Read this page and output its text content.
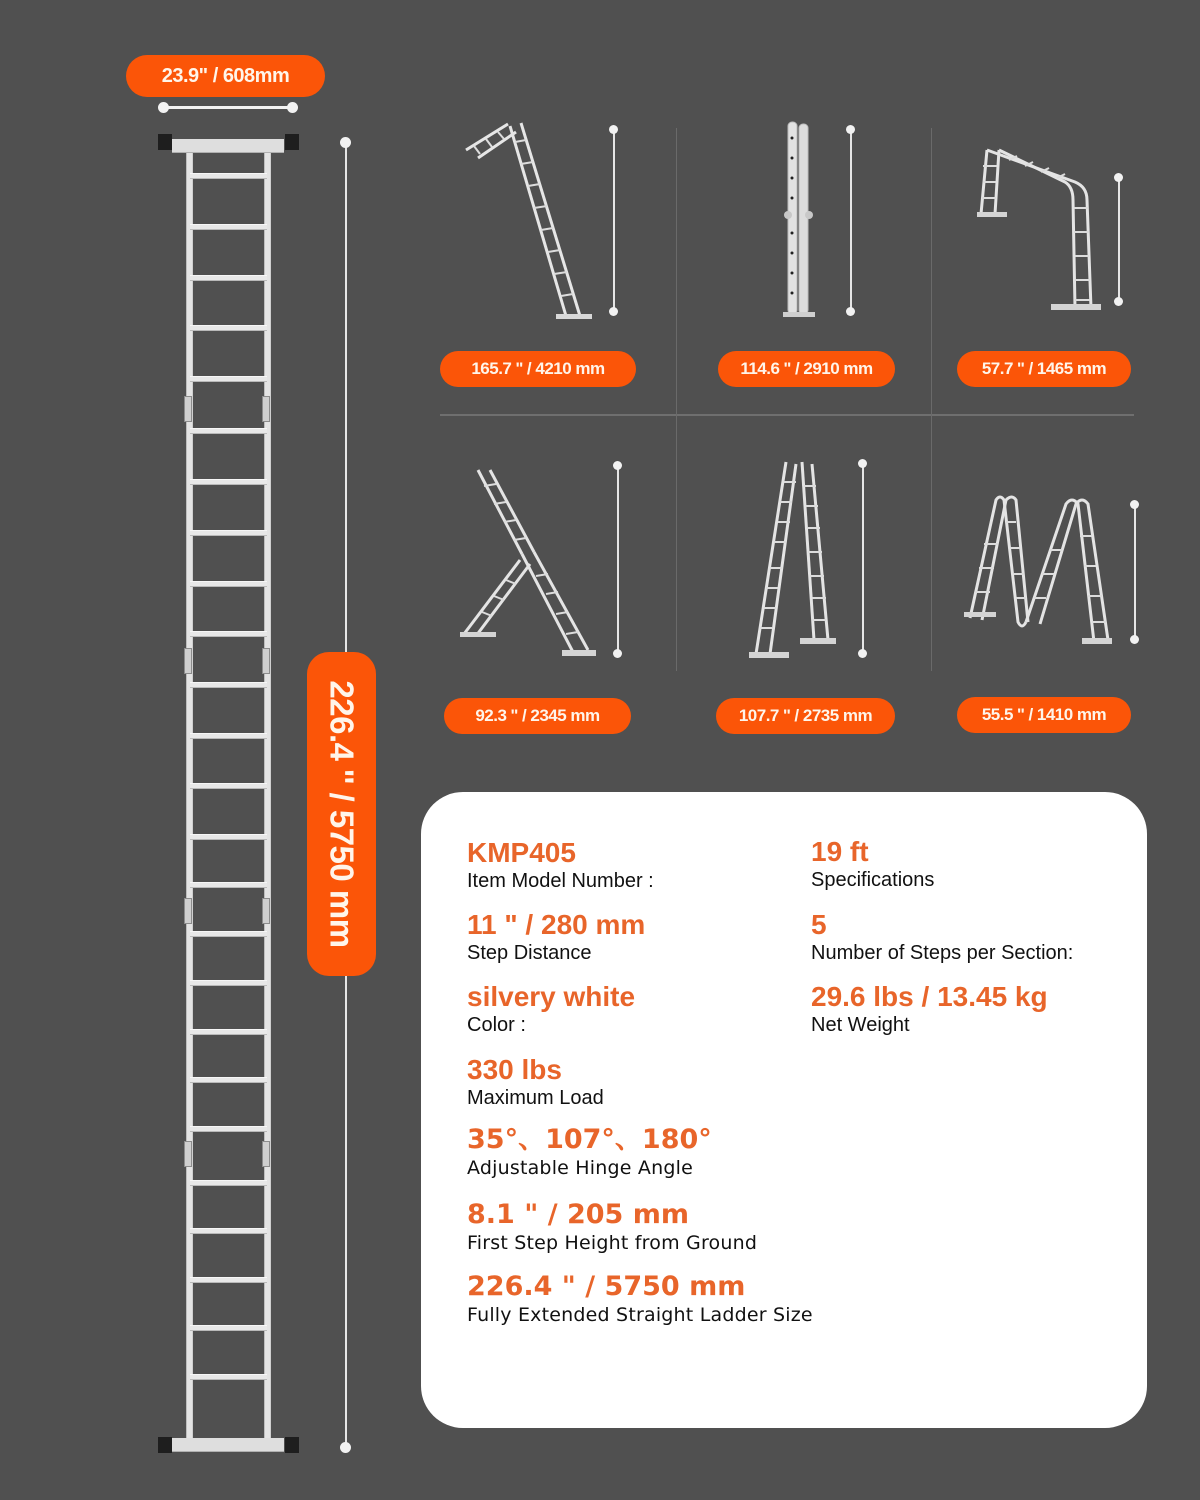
23.9" / 608mm
226.4 '' / 5750 mm
165.7 '' / 4210 mm	114.6 '' / 2910 mm	57.7 '' / 1465 mm
92.3 '' / 2345 mm	107.7 '' / 2735 mm	55.5 '' / 1410 mm
KMP405
Item Model Number :
11 " / 280 mm
Step Distance
silvery white
Color :
330 lbs
Maximum Load
35°、107°、180°
Adjustable Hinge Angle
8.1 " / 205 mm
First Step Height from Ground
226.4 " / 5750 mm
Fully Extended Straight Ladder Size
19 ft
Specifications
5
Number of Steps per Section:
29.6 lbs / 13.45 kg
Net Weight
